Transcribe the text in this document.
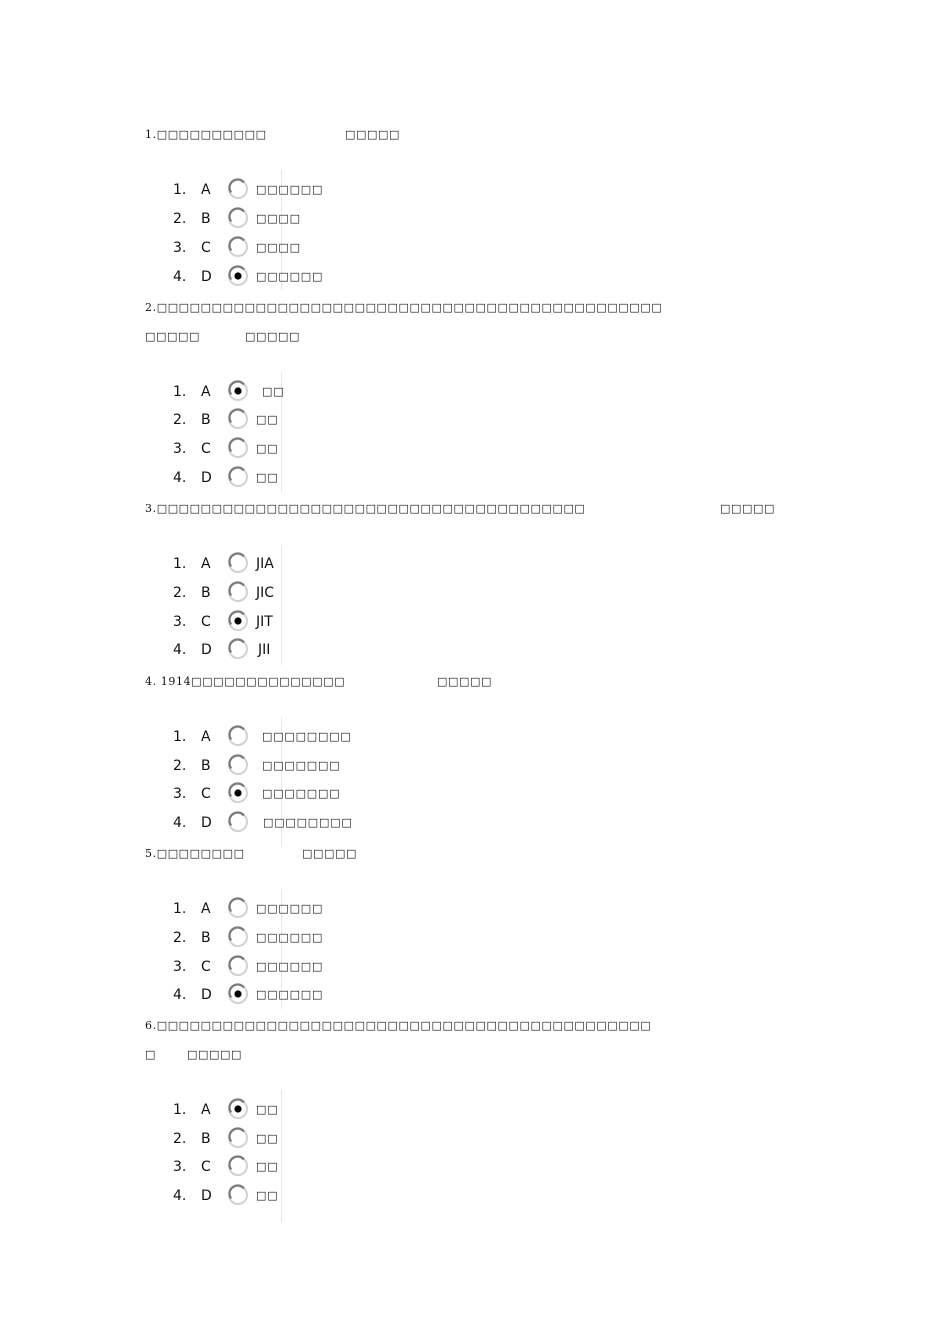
1.□□□□□□□□□□	□□□□□
1. A	□□□□□□
2. B	□□□□
3. C	□□□□
4. D	□□□□□□
2.□□□□□□□□□□□□□□□□□□□□□□□□□□□□□□□□□□□□□□□□□□□□□□
□□□□□	□□□□□
1. A	□□
2. B	□□
3. C	□□
4. D	□□
3.□□□□□□□□□□□□□□□□□□□□□□□□□□□□□□□□□□□□□□□	□□□□□
1. A	JIA
2. B	JIC
3. C	JIT
4. D	JII
4. 1914□□□□□□□□□□□□□□	□□□□□
1. A	□□□□□□□□
2. B	□□□□□□□
3. C	□□□□□□□
4. D	□□□□□□□□
5.□□□□□□□□	□□□□□
1. A	□□□□□□
2. B	□□□□□□
3. C	□□□□□□
4. D	□□□□□□
6.□□□□□□□□□□□□□□□□□□□□□□□□□□□□□□□□□□□□□□□□□□□□□
□	□□□□□
1. A	□□
2. B	□□
3. C	□□
4. D	□□
